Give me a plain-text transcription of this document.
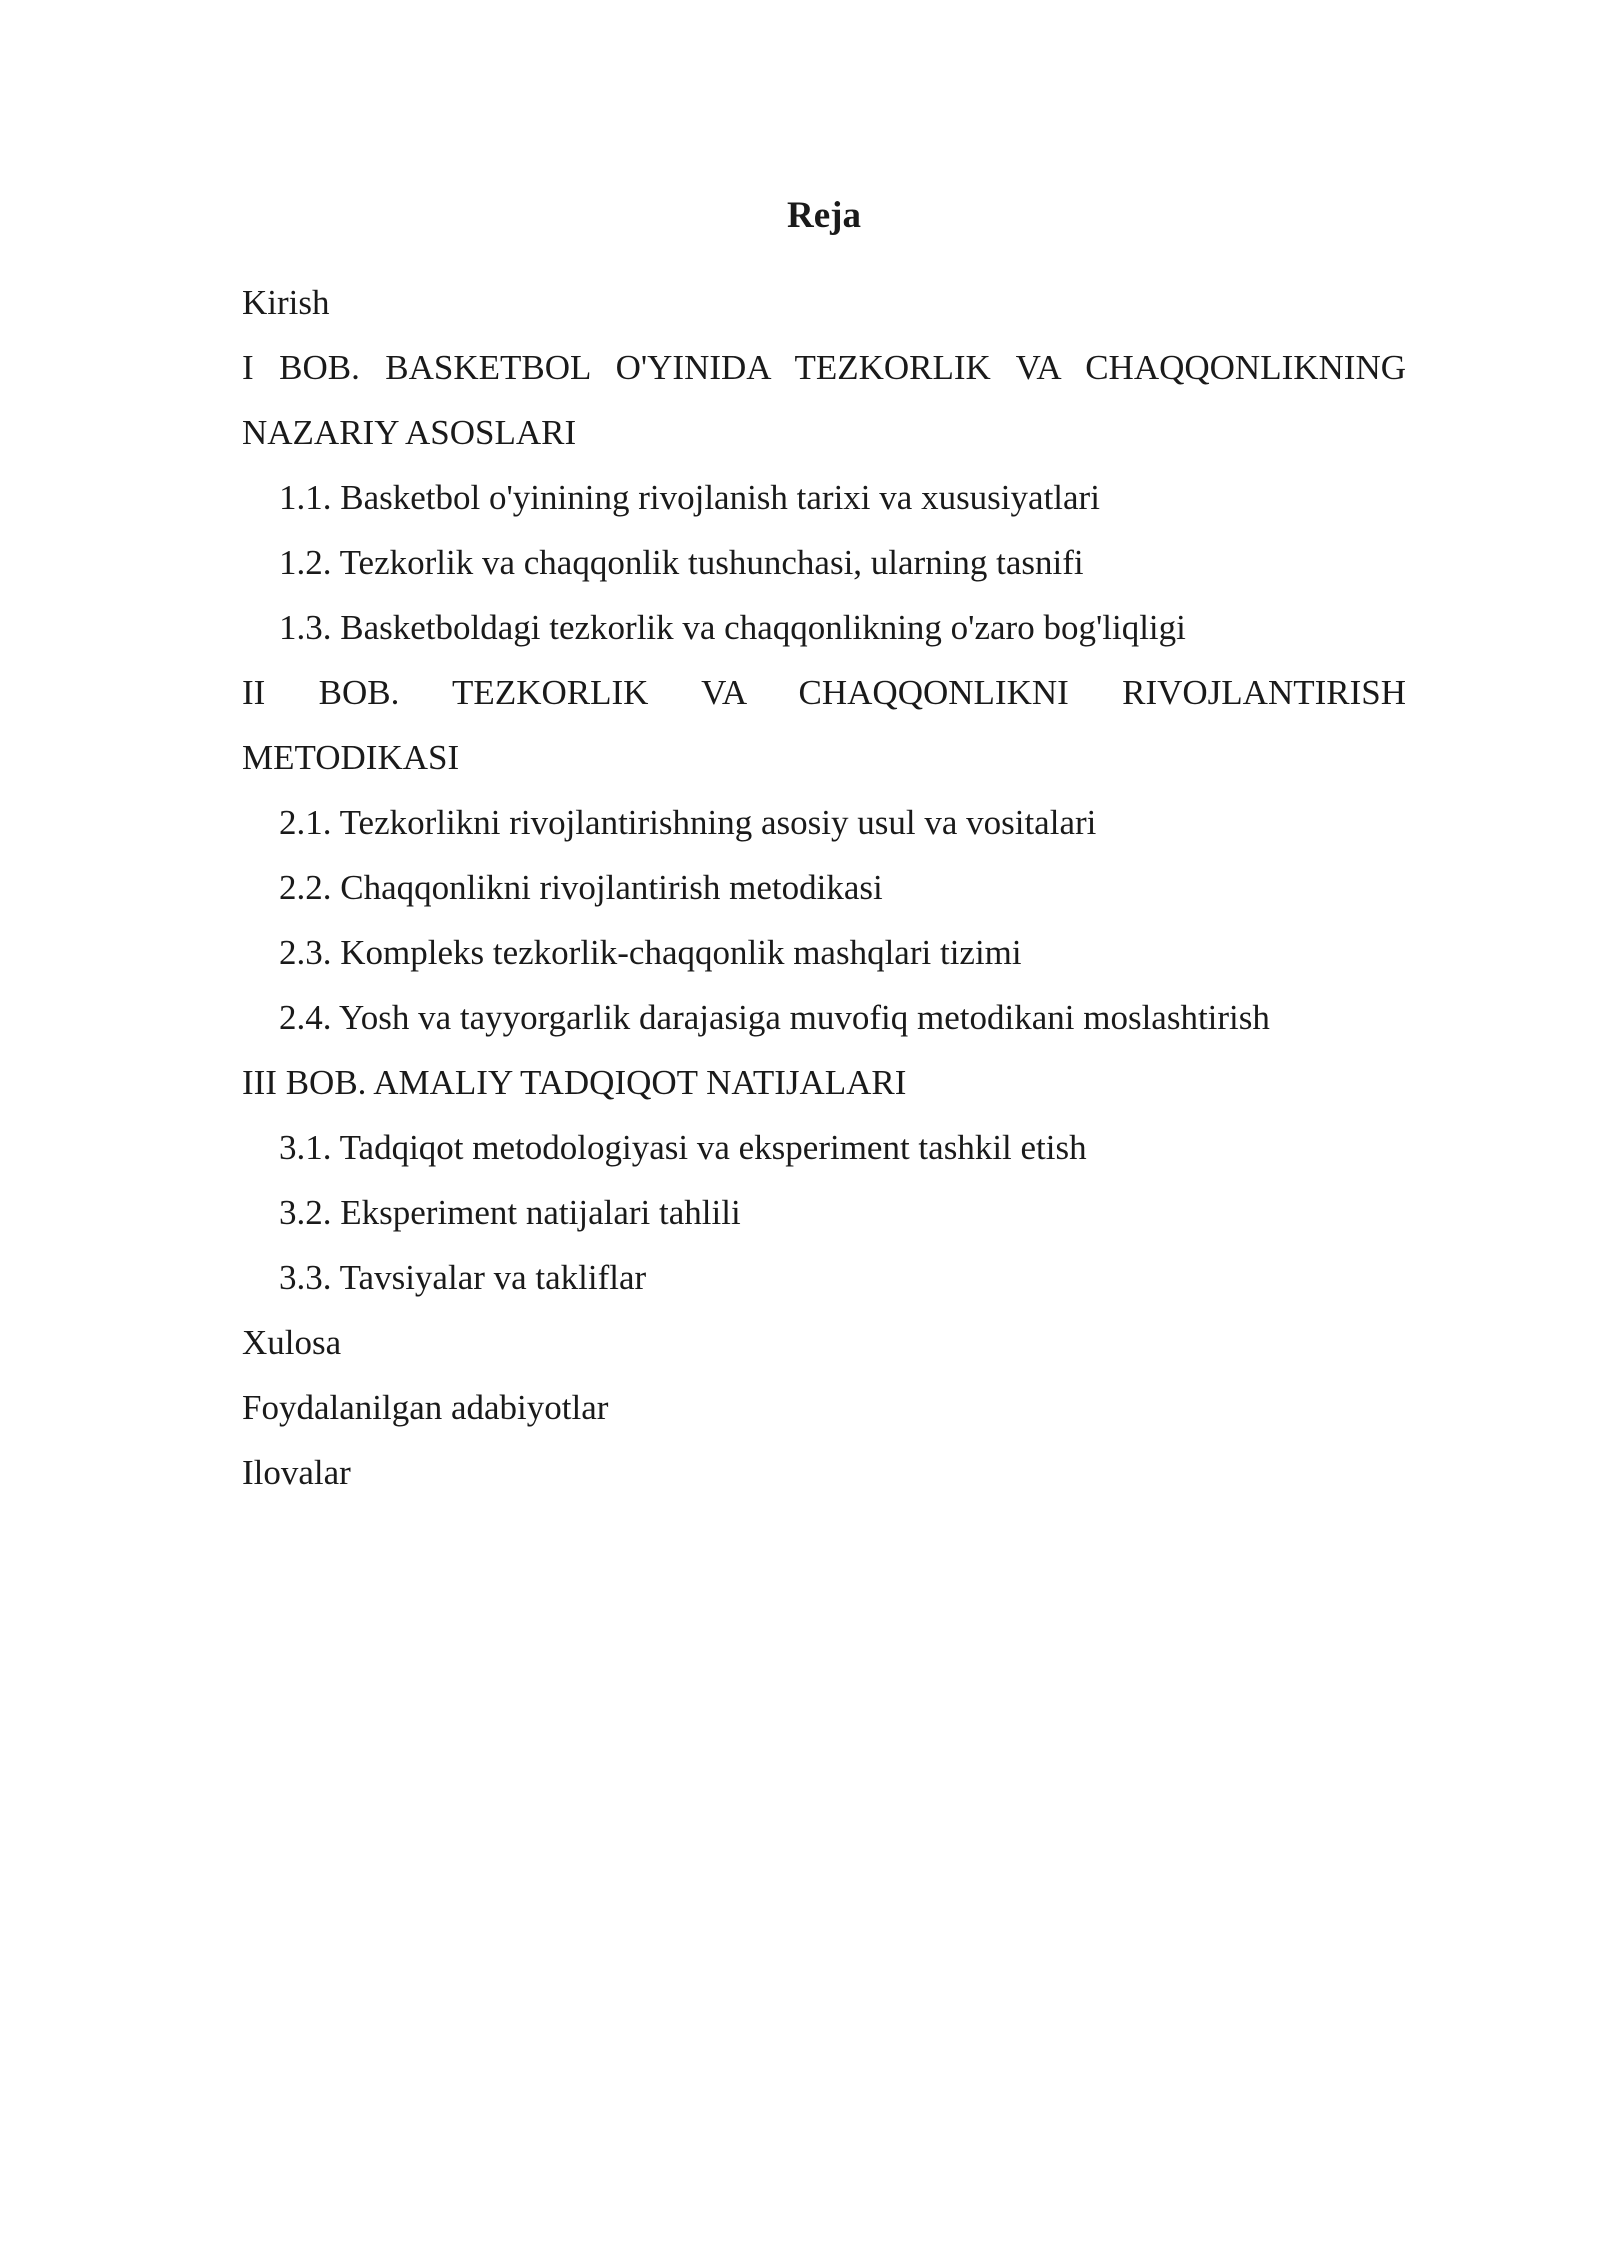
Reja
Kirish
I BOB. BASKETBOL O'YINIDA TEZKORLIK VA CHAQQONLIKNING NAZARIY ASOSLARI
1.1. Basketbol o'yinining rivojlanish tarixi va xususiyatlari
1.2. Tezkorlik va chaqqonlik tushunchasi, ularning tasnifi
1.3. Basketboldagi tezkorlik va chaqqonlikning o'zaro bog'liqligi
II BOB. TEZKORLIK VA CHAQQONLIKNI RIVOJLANTIRISH METODIKASI
2.1. Tezkorlikni rivojlantirishning asosiy usul va vositalari
2.2. Chaqqonlikni rivojlantirish metodikasi
2.3. Kompleks tezkorlik-chaqqonlik mashqlari tizimi
2.4. Yosh va tayyorgarlik darajasiga muvofiq metodikani moslashtirish
III BOB. AMALIY TADQIQOT NATIJALARI
3.1. Tadqiqot metodologiyasi va eksperiment tashkil etish
3.2. Eksperiment natijalari tahlili
3.3. Tavsiyalar va takliflar
Xulosa
Foydalanilgan adabiyotlar
Ilovalar
